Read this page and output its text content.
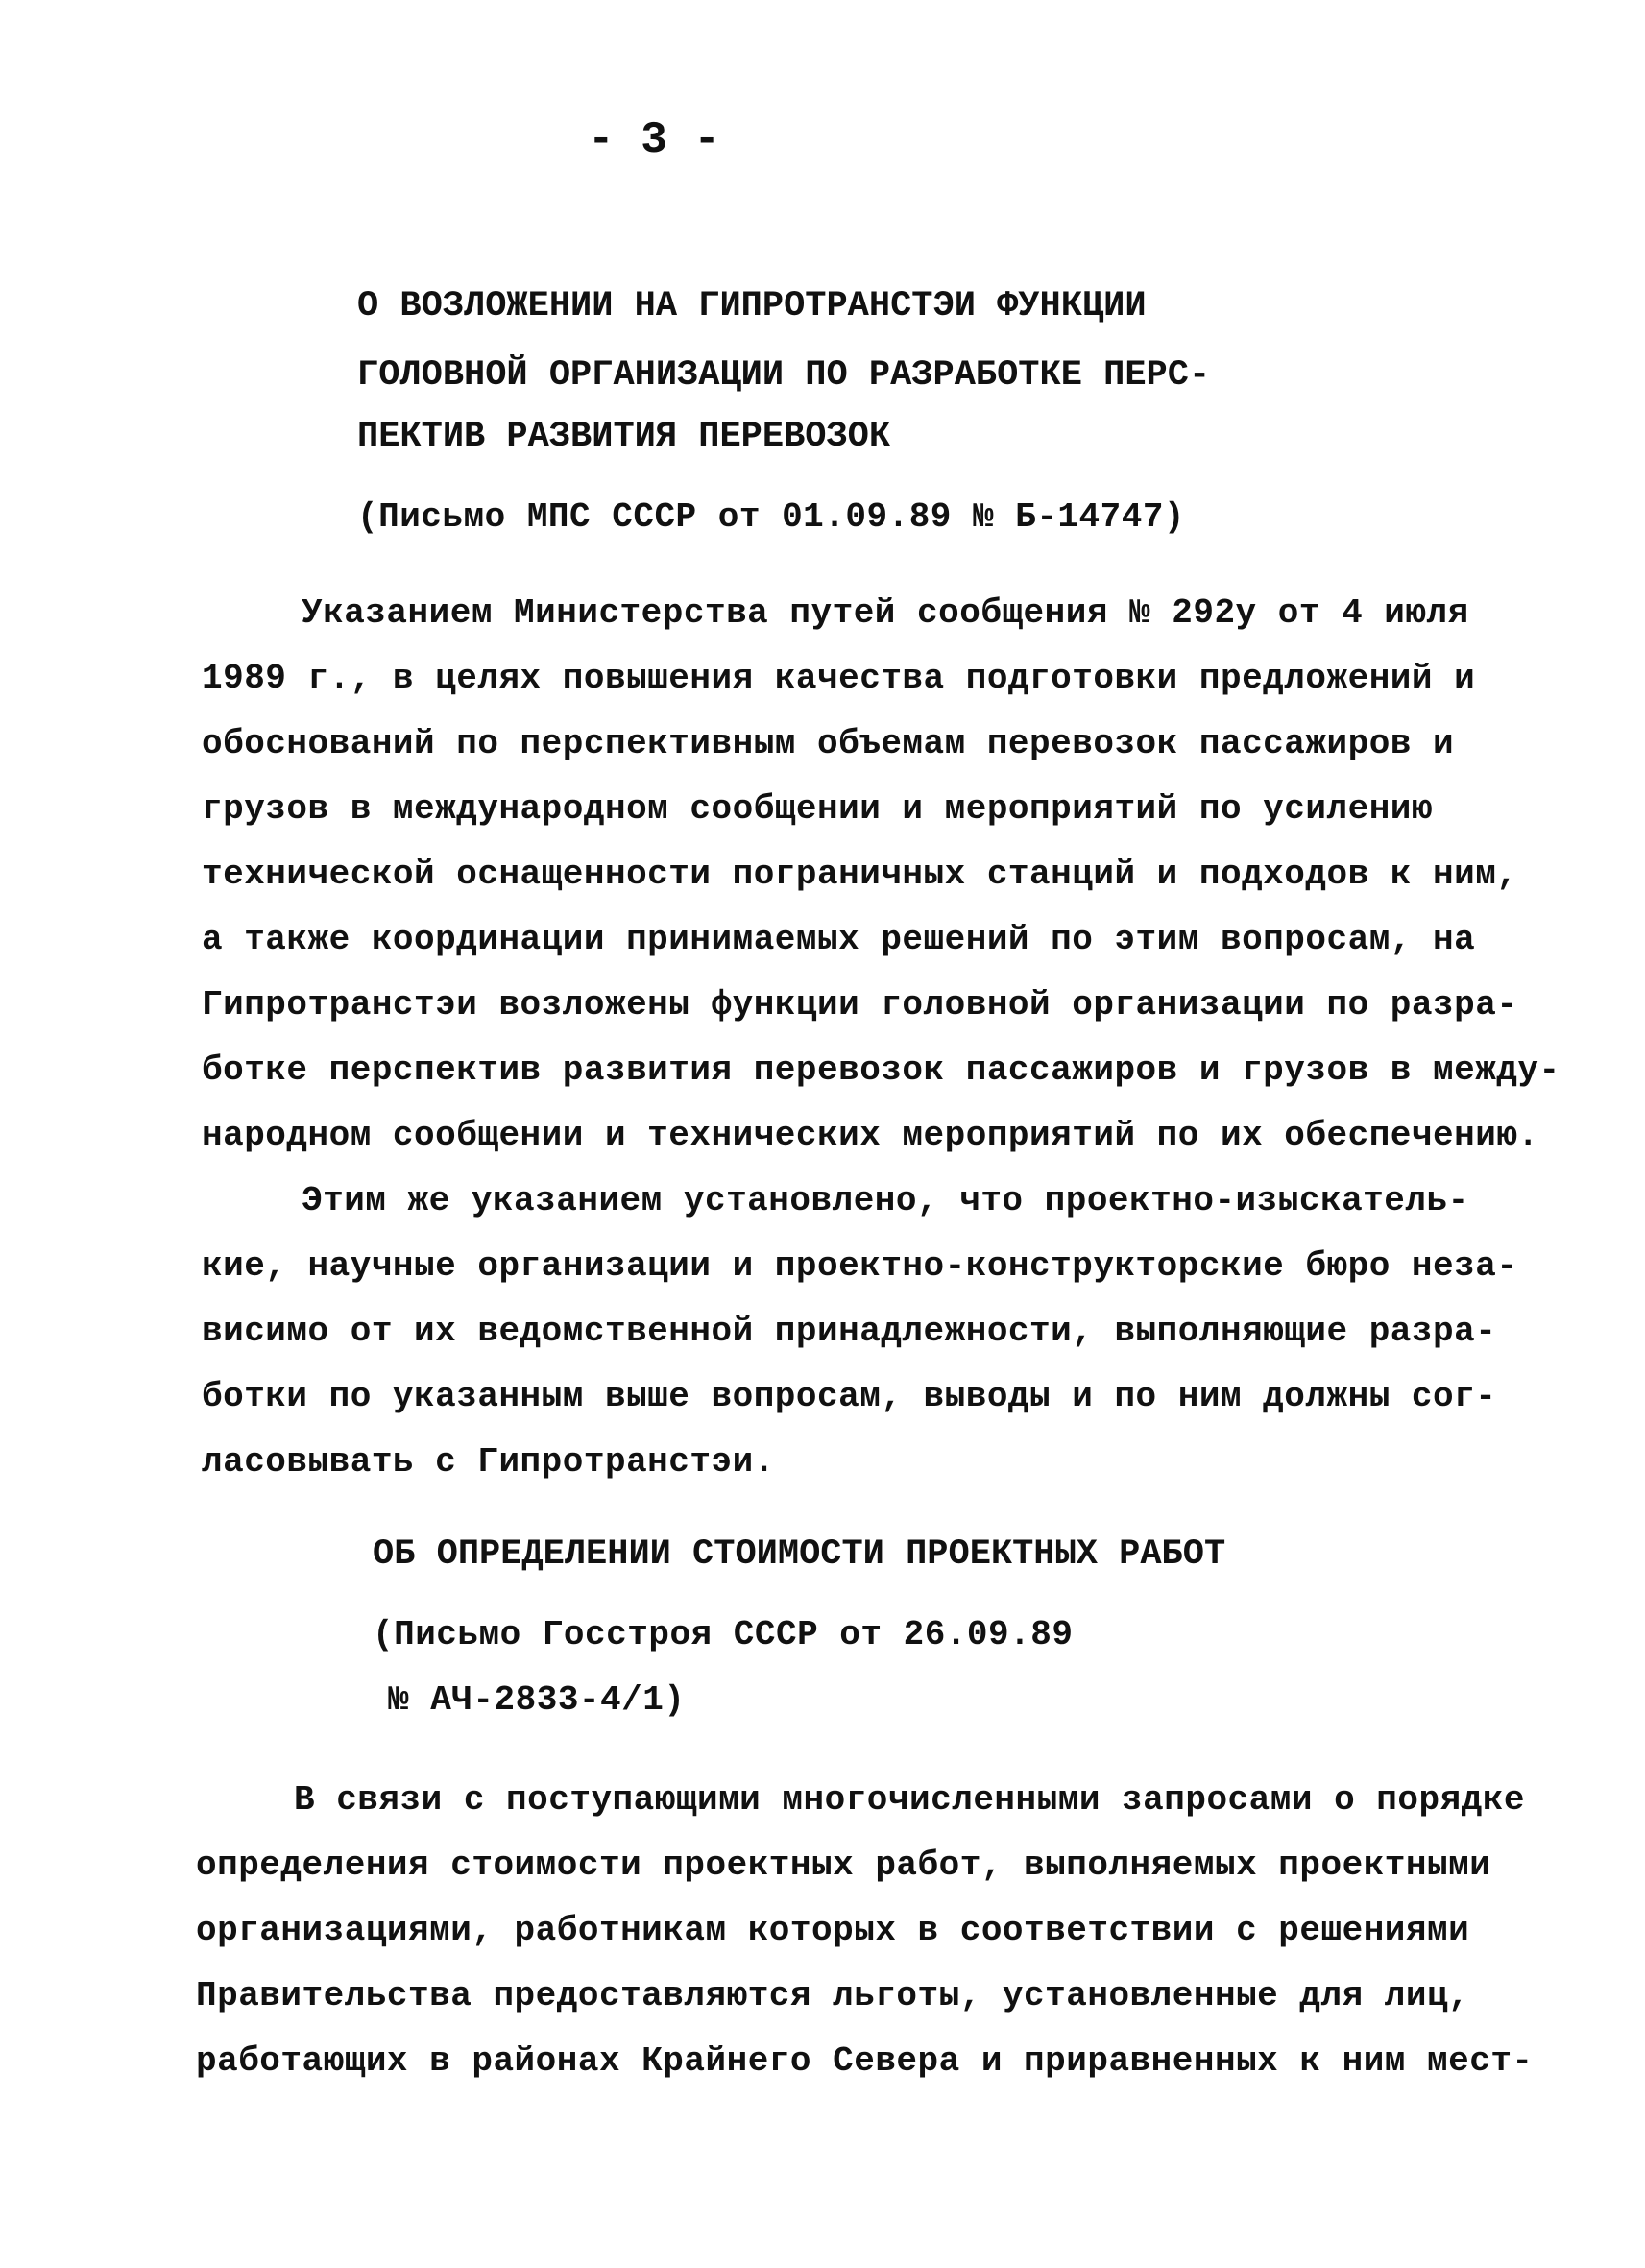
- 3 -
О ВОЗЛОЖЕНИИ НА ГИПРОТРАНСТЭИ ФУНКЦИИ
ГОЛОВНОЙ ОРГАНИЗАЦИИ ПО РАЗРАБОТКЕ ПЕРС-
ПЕКТИВ РАЗВИТИЯ ПЕРЕВОЗОК
(Письмо МПС СССР от 01.09.89 № Б-14747)
Указанием Министерства путей сообщения № 292у от 4 июля
1989 г., в целях повышения качества подготовки предложений и
обоснований по перспективным объемам перевозок пассажиров и
грузов в международном сообщении и мероприятий по усилению
технической оснащенности пограничных станций и подходов к ним,
а также координации принимаемых решений по этим вопросам, на
Гипротранстэи возложены функции головной организации по разра-
ботке перспектив развития перевозок пассажиров и грузов в между-
народном сообщении и технических мероприятий по их обеспечению.
Этим же указанием установлено, что проектно-изыскатель-
кие, научные организации и проектно-конструкторские бюро неза-
висимо от их ведомственной принадлежности, выполняющие разра-
ботки по указанным выше вопросам, выводы и по ним должны сог-
ласовывать с Гипротранстэи.
ОБ ОПРЕДЕЛЕНИИ СТОИМОСТИ ПРОЕКТНЫХ РАБОТ
(Письмо Госстроя СССР от 26.09.89
№ АЧ-2833-4/1)
В связи с поступающими многочисленными запросами о порядке
определения стоимости проектных работ, выполняемых проектными
организациями, работникам которых в соответствии с решениями
Правительства предоставляются льготы, установленные для лиц,
работающих в районах Крайнего Севера и приравненных к ним мест-
